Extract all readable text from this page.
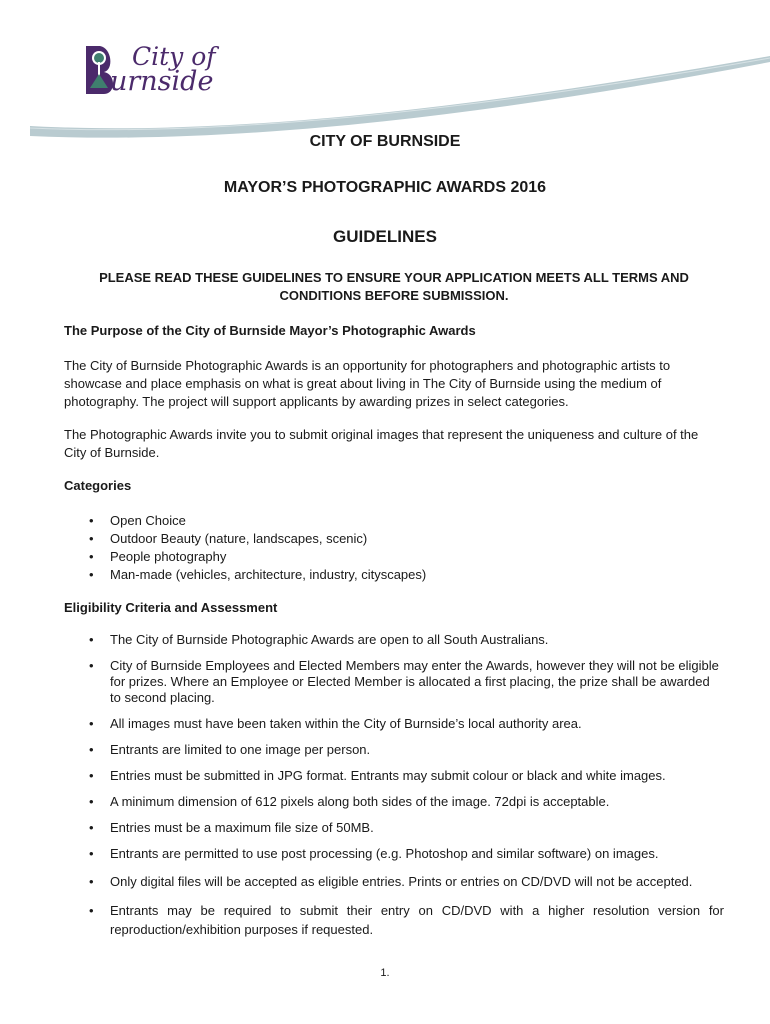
City of
urnside
CITY OF BURNSIDE
MAYOR’S PHOTOGRAPHIC AWARDS 2016
GUIDELINES
PLEASE READ THESE GUIDELINES TO ENSURE YOUR APPLICATION MEETS ALL TERMS AND CONDITIONS BEFORE SUBMISSION.
The Purpose of the City of Burnside Mayor’s Photographic Awards
The City of Burnside Photographic Awards is an opportunity for photographers and photographic artists to showcase and place emphasis on what is great about living in The City of Burnside using the medium of photography. The project will support applicants by awarding prizes in select categories.
The Photographic Awards invite you to submit original images that represent the uniqueness and culture of the City of Burnside.
Categories
• Open Choice
• Outdoor Beauty (nature, landscapes, scenic)
• People photography
• Man-made (vehicles, architecture, industry, cityscapes)
Eligibility Criteria and Assessment
• The City of Burnside Photographic Awards are open to all South Australians.
• City of Burnside Employees and Elected Members may enter the Awards, however they will not be eligible for prizes. Where an Employee or Elected Member is allocated a first placing, the prize shall be awarded to second placing.
• All images must have been taken within the City of Burnside’s local authority area.
• Entrants are limited to one image per person.
• Entries must be submitted in JPG format. Entrants may submit colour or black and white images.
• A minimum dimension of 612 pixels along both sides of the image. 72dpi is acceptable.
• Entries must be a maximum file size of 50MB.
• Entrants are permitted to use post processing (e.g. Photoshop and similar software) on images.
• Only digital files will be accepted as eligible entries. Prints or entries on CD/DVD will not be accepted.
• Entrants may be required to submit their entry on CD/DVD with a higher resolution version for reproduction/exhibition purposes if requested.
1.
